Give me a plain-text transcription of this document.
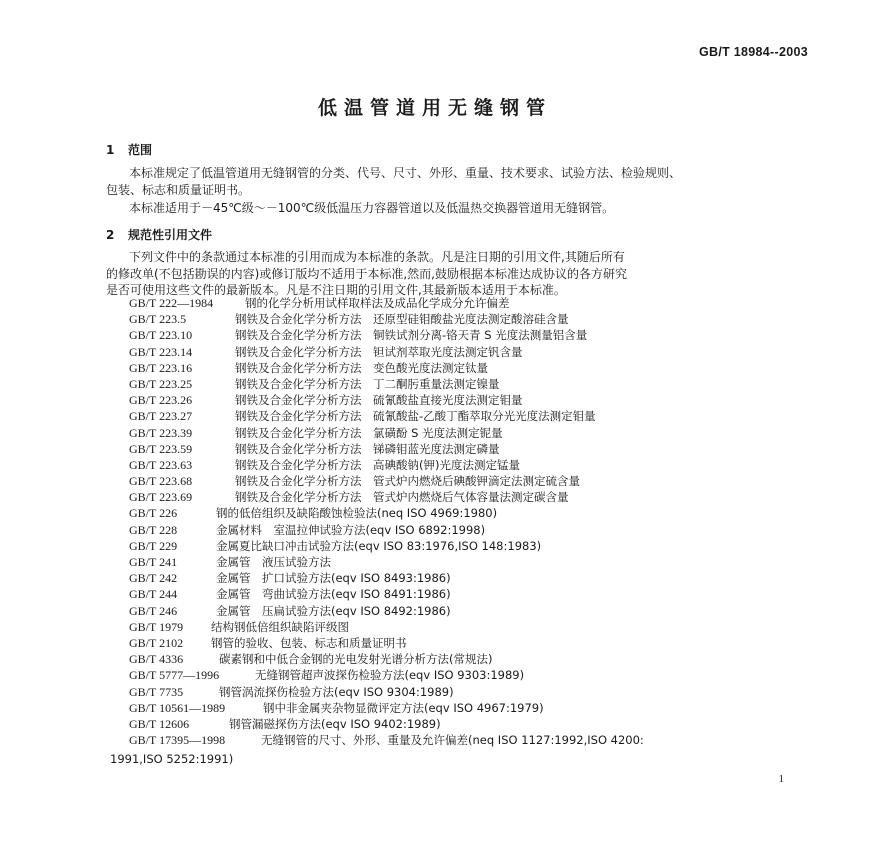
GB/T 18984--2003
低温管道用无缝钢管
1 范围
本标准规定了低温管道用无缝钢管的分类、代号、尺寸、外形、重量、技术要求、试验方法、检验规则、
包装、标志和质量证明书。
本标准适用于－45℃级～－100℃级低温压力容器管道以及低温热交换器管道用无缝钢管。
2 规范性引用文件
下列文件中的条款通过本标准的引用而成为本标准的条款。凡是注日期的引用文件,其随后所有
的修改单(不包括勘误的内容)或修订版均不适用于本标准,然而,鼓励根据本标准达成协议的各方研究
是否可使用这些文件的最新版本。凡是不注日期的引用文件,其最新版本适用于本标准。
GB/T 222—1984	钢的化学分析用试样取样法及成品化学成分允许偏差
GB/T 223.5	钢铁及合金化学分析方法　还原型硅钼酸盐光度法测定酸溶硅含量
GB/T 223.10	钢铁及合金化学分析方法　铜铁试剂分离-铬天青 S 光度法测量铝含量
GB/T 223.14	钢铁及合金化学分析方法　钽试剂萃取光度法测定钒含量
GB/T 223.16	钢铁及合金化学分析方法　变色酸光度法测定钛量
GB/T 223.25	钢铁及合金化学分析方法　丁二酮肟重量法测定镍量
GB/T 223.26	钢铁及合金化学分析方法　硫氰酸盐直接光度法测定钼量
GB/T 223.27	钢铁及合金化学分析方法　硫氰酸盐-乙酸丁酯萃取分光光度法测定钼量
GB/T 223.39	钢铁及合金化学分析方法　氯磺酚 S 光度法测定铌量
GB/T 223.59	钢铁及合金化学分析方法　锑磷钼蓝光度法测定磷量
GB/T 223.63	钢铁及合金化学分析方法　高碘酸钠(钾)光度法测定锰量
GB/T 223.68	钢铁及合金化学分析方法　管式炉内燃烧后碘酸钾滴定法测定硫含量
GB/T 223.69	钢铁及合金化学分析方法　管式炉内燃烧后气体容量法测定碳含量
GB/T 226	钢的低倍组织及缺陷酸蚀检验法(neq ISO 4969:1980)
GB/T 228	金属材料　室温拉伸试验方法(eqv ISO 6892:1998)
GB/T 229	金属夏比缺口冲击试验方法(eqv ISO 83:1976,ISO 148:1983)
GB/T 241	金属管　液压试验方法
GB/T 242	金属管　扩口试验方法(eqv ISO 8493:1986)
GB/T 244	金属管　弯曲试验方法(eqv ISO 8491:1986)
GB/T 246	金属管　压扁试验方法(eqv ISO 8492:1986)
GB/T 1979 结构钢低倍组织缺陷评级图
GB/T 2102 钢管的验收、包装、标志和质量证明书
GB/T 4336	碳素钢和中低合金钢的光电发射光谱分析方法(常规法)
GB/T 5777—1996	无缝钢管超声波探伤检验方法(eqv ISO 9303:1989)
GB/T 7735	钢管涡流探伤检验方法(eqv ISO 9304:1989)
GB/T 10561—1989	钢中非金属夹杂物显微评定方法(eqv ISO 4967:1979)
GB/T 12606	钢管漏磁探伤方法(eqv ISO 9402:1989)
GB/T 17395—1998	无缝钢管的尺寸、外形、重量及允许偏差(neq ISO 1127:1992,ISO 4200:
1991,ISO 5252:1991)
1
